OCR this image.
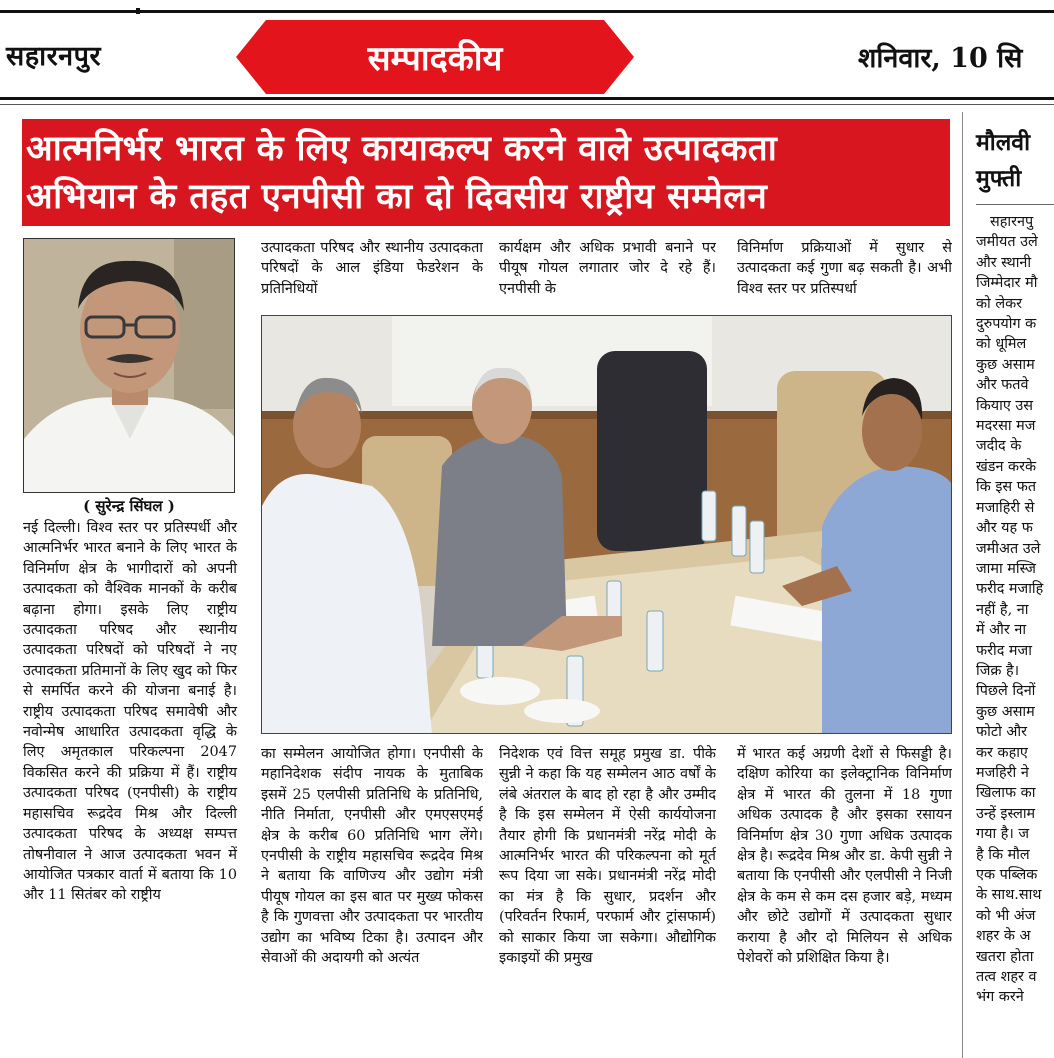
सहारनपुर	सम्पादकीय	शनिवार, 10 सि
आत्मनिर्भर भारत के लिए कायाकल्प करने वाले उत्पादकता
अभियान के तहत एनपीसी का दो दिवसीय राष्ट्रीय सम्मेलन
( सुरेन्द्र सिंघल )

नई दिल्ली। विश्व स्तर पर प्रतिस्पर्धी और आत्मनिर्भर भारत बनाने के लिए भारत के विनिर्माण क्षेत्र के भागीदारों को अपनी उत्पादकता को वैश्विक मानकों के करीब बढ़ाना होगा। इसके लिए राष्ट्रीय उत्पादकता परिषद और स्थानीय उत्पादकता परिषदों को परिषदों ने नए उत्पादकता प्रतिमानों के लिए खुद को फिर से समर्पित करने की योजना बनाई है। राष्ट्रीय उत्पादकता परिषद समावेषी और नवोन्मेष आधारित उत्पादकता वृद्धि के लिए अमृतकाल परिकल्पना 2047 विकसित करने की प्रक्रिया में हैं। राष्ट्रीय उत्पादकता परिषद (एनपीसी) के राष्ट्रीय महासचिव रूद्रदेव मिश्र और दिल्ली उत्पादकता परिषद के अध्यक्ष सम्पत्त तोषनीवाल ने आज उत्पादकता भवन में आयोजित पत्रकार वार्ता में बताया कि 10 और 11 सितंबर को राष्ट्रीय

उत्पादकता परिषद और स्थानीय उत्पादकता परिषदों के आल इंडिया फेडरेशन के प्रतिनिधियों

कार्यक्षम और अधिक प्रभावी बनाने पर पीयूष गोयल लगातार जोर दे रहे हैं। एनपीसी के

विनिर्माण प्रक्रियाओं में सुधार से उत्पादकता कई गुणा बढ़ सकती है। अभी विश्व स्तर पर प्रतिस्पर्धा

का सम्मेलन आयोजित होगा। एनपीसी के महानिदेशक संदीप नायक के मुताबिक इसमें 25 एलपीसी प्रतिनिधि के प्रतिनिधि, नीति निर्माता, एनपीसी और एमएसएमई क्षेत्र के करीब 60 प्रतिनिधि भाग लेंगे। एनपीसी के राष्ट्रीय महासचिव रूद्रदेव मिश्र ने बताया कि वाणिज्य और उद्योग मंत्री पीयूष गोयल का इस बात पर मुख्य फोकस है कि गुणवत्ता और उत्पादकता पर भारतीय उद्योग का भविष्य टिका है। उत्पादन और सेवाओं की अदायगी को अत्यंत

निदेशक एवं वित्त समूह प्रमुख डा. पीके सुन्नी ने कहा कि यह सम्मेलन आठ वर्षों के लंबे अंतराल के बाद हो रहा है और उम्मीद है कि इस सम्मेलन में ऐसी कार्ययोजना तैयार होगी कि प्रधानमंत्री नरेंद्र मोदी के आत्मनिर्भर भारत की परिकल्पना को मूर्त रूप दिया जा सके। प्रधानमंत्री नरेंद्र मोदी का मंत्र है कि सुधार, प्रदर्शन और (परिवर्तन रिफार्म, परफार्म और ट्रांसफार्म) को साकार किया जा सकेगा। औद्योगिक इकाइयों की प्रमुख

में भारत कई अग्रणी देशों से फिसड्डी है। दक्षिण कोरिया का इलेक्ट्रानिक विनिर्माण क्षेत्र में भारत की तुलना में 18 गुणा अधिक उत्पादक है और इसका रसायन विनिर्माण क्षेत्र 30 गुणा अधिक उत्पादक क्षेत्र है। रूद्रदेव मिश्र और डा. केपी सुन्नी ने बताया कि एनपीसी और एलपीसी ने निजी क्षेत्र के कम से कम दस हजार बड़े, मध्यम और छोटे उद्योगों में उत्पादकता सुधार कराया है और दो मिलियन से अधिक पेशेवरों को प्रशिक्षित किया है।

मौलवी
मुफ्ती
सहारनपु
जमीयत उले
और स्थानी
जिम्मेदार मौ
को लेकर
दुरुपयोग क
को धूमिल
कुछ असाम
और फतवे
कियाए उस
मदरसा मज
जदीद के
खंडन करके
कि इस फत
मजाहिरी से
और यह फ
जमीअत उले
जामा मस्जि
फरीद मजाहि
नहीं है, ना
में और ना
फरीद मजा
जिक्र है।
पिछले दिनों
कुछ असाम
फोटो और
कर कहाए
मजहिरी ने
खिलाफ का
उन्हें इस्लाम
गया है। ज
है कि मौल
एक पब्लिक
के साथ.साथ
को भी अंज
शहर के अ
खतरा होता
तत्व शहर व
भंग करने
